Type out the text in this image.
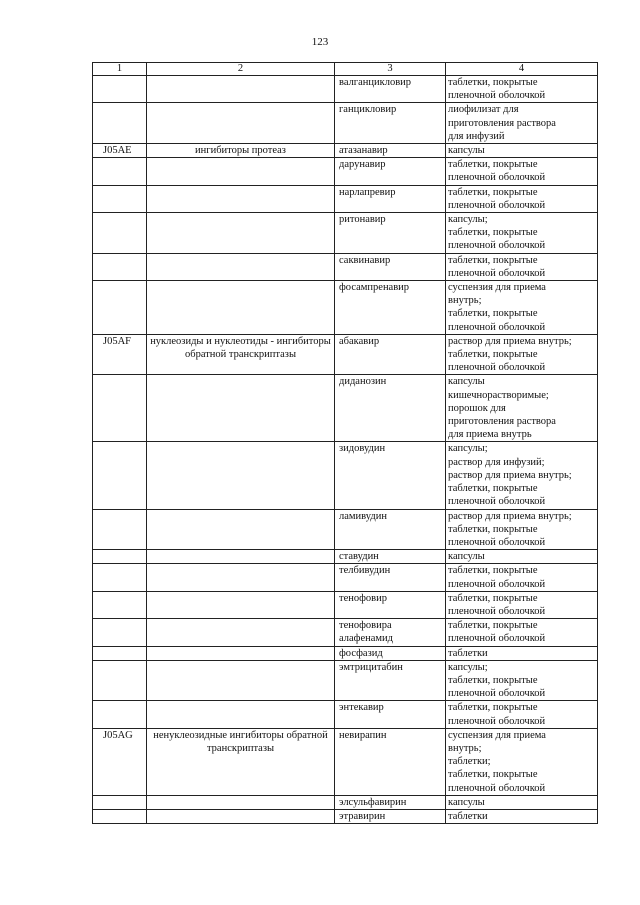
123
1	2	3	4
		валганцикловир	таблетки, покрытые
пленочной оболочкой

		ганцикловир	лиофилизат для
приготовления раствора
для инфузий

J05AE	ингибиторы протеаз	атазанавир	капсулы

		дарунавир	таблетки, покрытые
пленочной оболочкой

		нарлапревир	таблетки, покрытые
пленочной оболочкой

		ритонавир	капсулы;
таблетки, покрытые
пленочной оболочкой

		саквинавир	таблетки, покрытые
пленочной оболочкой

		фосампренавир	суспензия для приема
внутрь;
таблетки, покрытые
пленочной оболочкой

J05AF	нуклеозиды и нуклеотиды - ингибиторы обратной транскриптазы	абакавир	раствор для приема внутрь;
таблетки, покрытые
пленочной оболочкой

		диданозин	капсулы
кишечнорастворимые;
порошок для
приготовления раствора
для приема внутрь

		зидовудин	капсулы;
раствор для инфузий;
раствор для приема внутрь;
таблетки, покрытые
пленочной оболочкой

		ламивудин	раствор для приема внутрь;
таблетки, покрытые
пленочной оболочкой

		ставудин	капсулы

		телбивудин	таблетки, покрытые
пленочной оболочкой

		тенофовир	таблетки, покрытые
пленочной оболочкой

		тенофовира алафенамид	таблетки, покрытые
пленочной оболочкой

		фосфазид	таблетки

		эмтрицитабин	капсулы;
таблетки, покрытые
пленочной оболочкой

		энтекавир	таблетки, покрытые
пленочной оболочкой

J05AG	ненуклеозидные ингибиторы обратной транскриптазы	невирапин	суспензия для приема
внутрь;
таблетки;
таблетки, покрытые
пленочной оболочкой

		элсульфавирин	капсулы

		этравирин	таблетки
